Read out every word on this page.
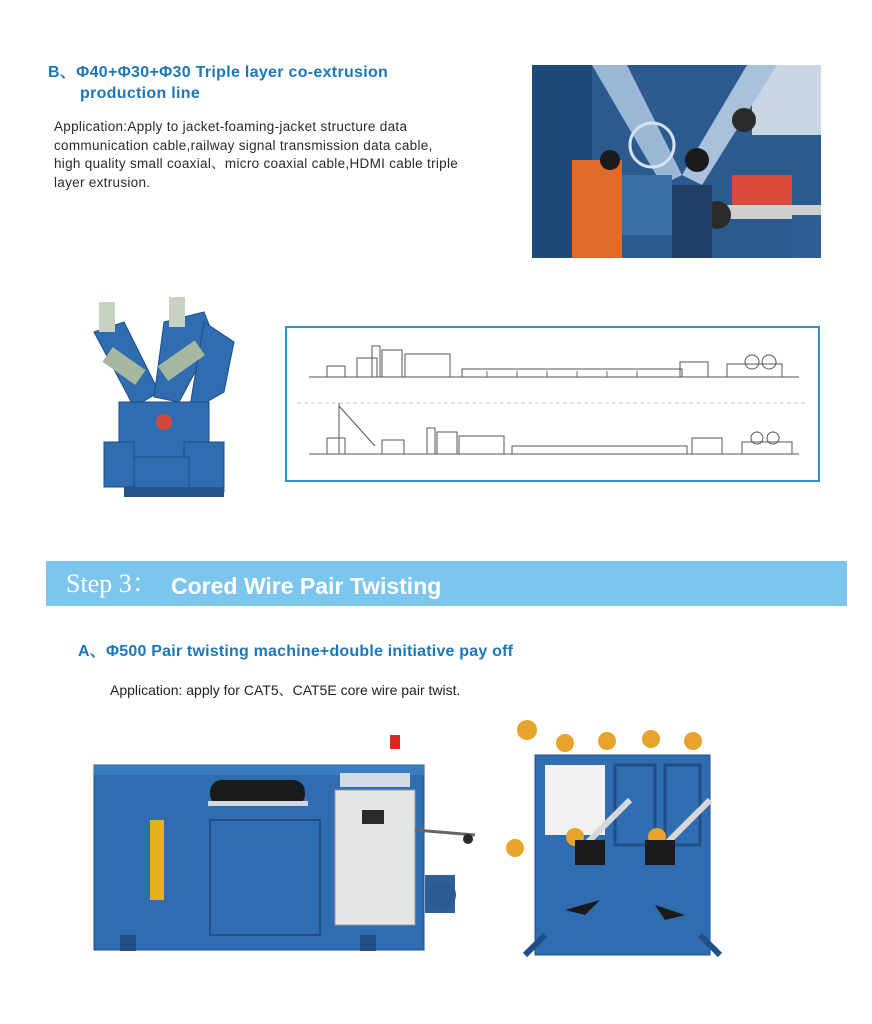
B、Φ40+Φ30+Φ30 Triple layer co-extrusion
production line
Application:Apply to jacket-foaming-jacket structure data
communication cable,railway signal transmission data cable,
high quality small coaxial、micro coaxial cable,HDMI cable triple
layer extrusion.
Step 3： Cored Wire Pair Twisting
A、Φ500 Pair twisting machine+double initiative pay off
Application: apply for CAT5、CAT5E core wire pair twist.
